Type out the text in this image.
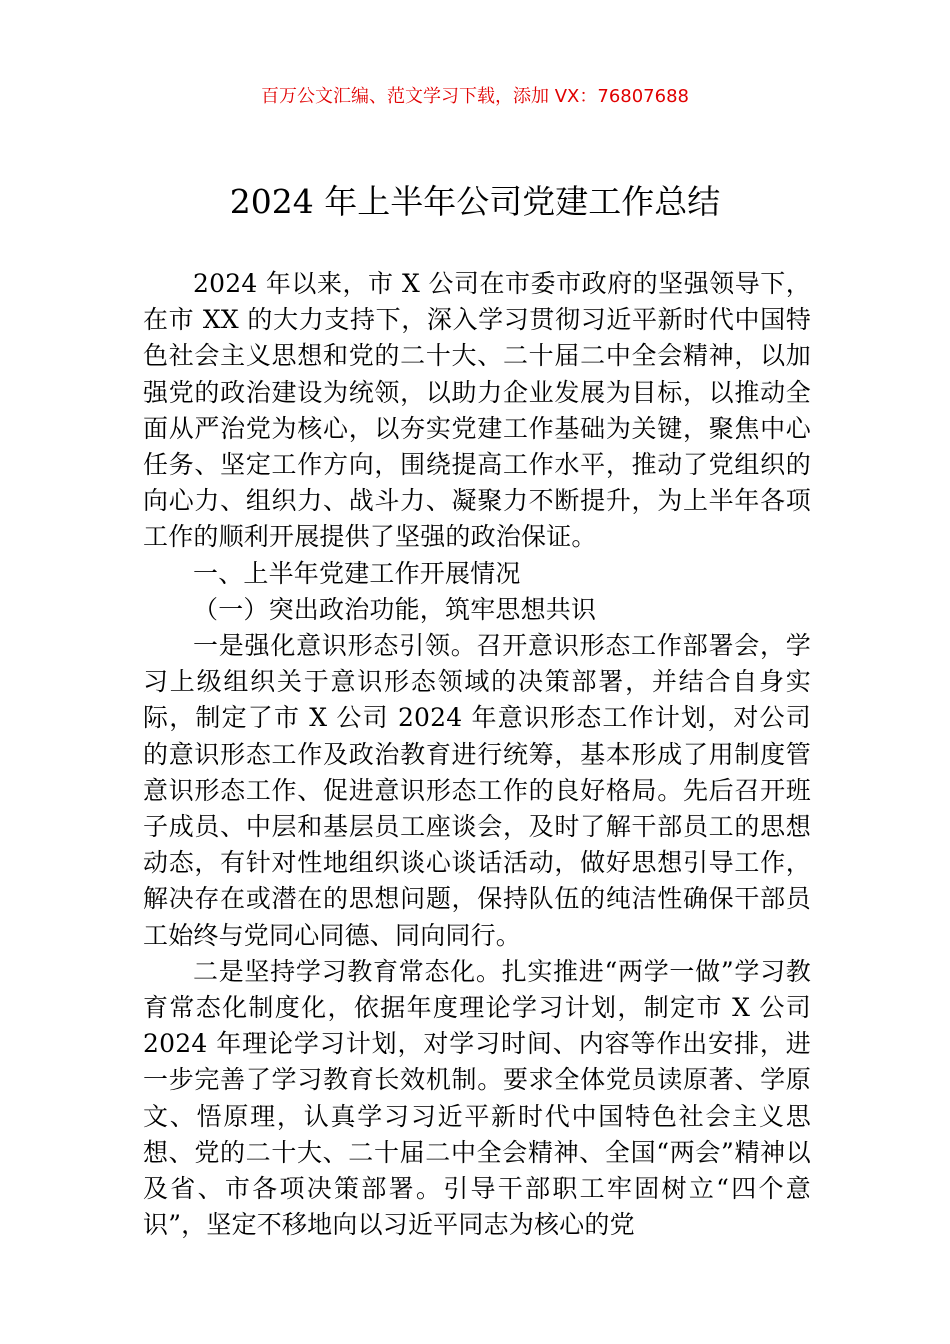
百万公文汇编、范文学习下载，添加 VX：76807688
2024 年上半年公司党建工作总结

2024 年以来，市 X 公司在市委市政府的坚强领导下，在市 XX 的大力支持下，深入学习贯彻习近平新时代中国特色社会主义思想和党的二十大、二十届二中全会精神，以加强党的政治建设为统领，以助力企业发展为目标，以推动全面从严治党为核心，以夯实党建工作基础为关键，聚焦中心任务、坚定工作方向，围绕提高工作水平，推动了党组织的向心力、组织力、战斗力、凝聚力不断提升，为上半年各项工作的顺利开展提供了坚强的政治保证。

一、上半年党建工作开展情况

（一）突出政治功能，筑牢思想共识

一是强化意识形态引领。召开意识形态工作部署会，学习上级组织关于意识形态领域的决策部署，并结合自身实际，制定了市 X 公司 2024 年意识形态工作计划，对公司的意识形态工作及政治教育进行统筹，基本形成了用制度管意识形态工作、促进意识形态工作的良好格局。先后召开班子成员、中层和基层员工座谈会，及时了解干部员工的思想动态，有针对性地组织谈心谈话活动，做好思想引导工作，解决存在或潜在的思想问题，保持队伍的纯洁性确保干部员工始终与党同心同德、同向同行。

二是坚持学习教育常态化。扎实推进“两学一做”学习教育常态化制度化，依据年度理论学习计划，制定市 X 公司 2024 年理论学习计划，对学习时间、内容等作出安排，进一步完善了学习教育长效机制。要求全体党员读原著、学原文、悟原理，认真学习习近平新时代中国特色社会主义思想、党的二十大、二十届二中全会精神、全国“两会”精神以及省、市各项决策部署。引导干部职工牢固树立“四个意识”，坚定不移地向以习近平同志为核心的党
